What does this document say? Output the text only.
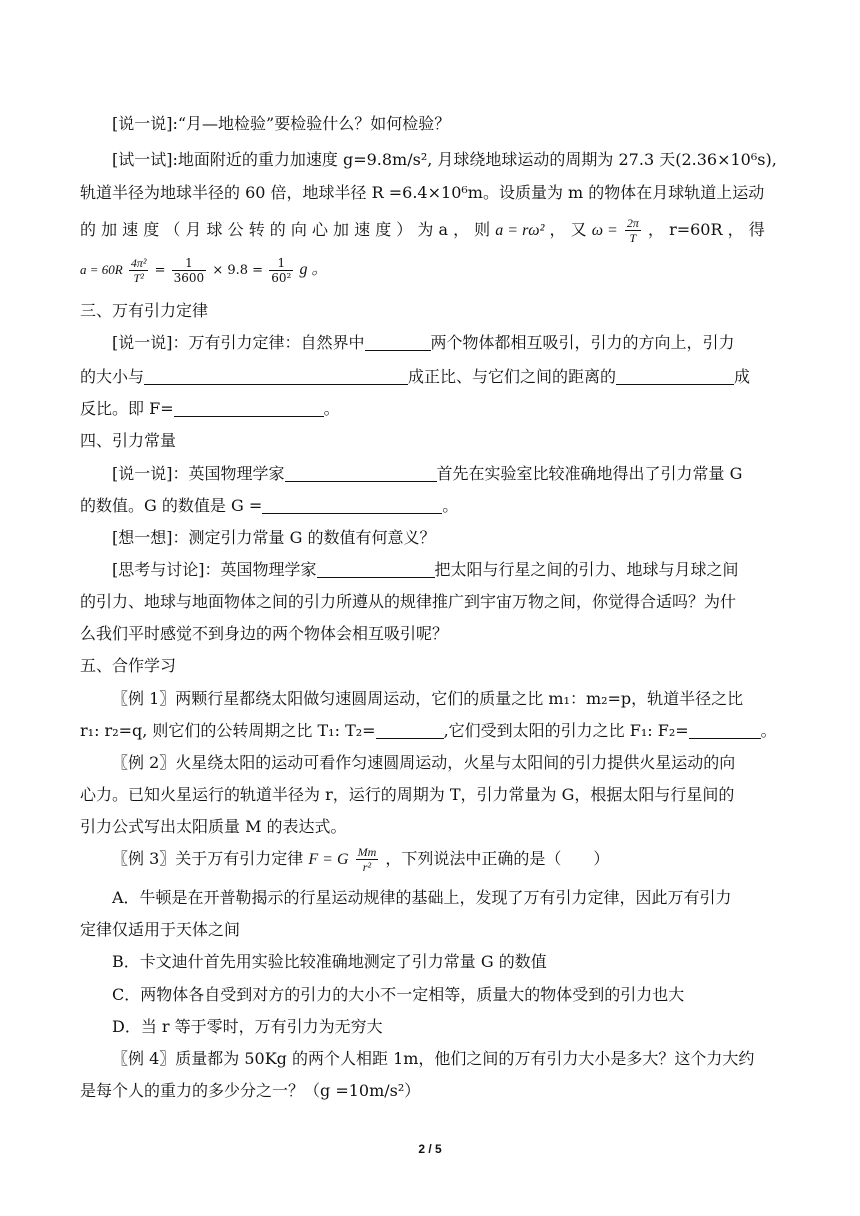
[说一说]:“月—地检验”要检验什么？如何检验？
[试一试]:地面附近的重力加速度 g=9.8m/s², 月球绕地球运动的周期为 27.3 天(2.36×10⁶s),
轨道半径为地球半径的 60 倍，地球半径 R =6.4×10⁶m。设质量为 m 的物体在月球轨道上运动
的 加 速 度 （ 月 球 公 转 的 向 心 加 速 度 ） 为 a ， 则 a = rω² ， 又 $\omega = \frac{2\pi}{T}$ ， r=60R ， 得
$a = 60R \frac{\text{4π²}}{\text{T²}} = \frac{1}{3600} \times 9.8 = \frac{1}{\text{60²}}$ g 。
三、万有引力定律
[说一说]：万有引力定律：自然界中	两个物体都相互吸引，引力的方向上，引力
的大小与	成正比、与它们之间的距离的	成
反比。即 F=	。
四、引力常量
[说一说]：英国物理学家	首先在实验室比较准确地得出了引力常量 G
的数值。G 的数值是 G =	。
[想一想]：测定引力常量 G 的数值有何意义？
[思考与讨论]：英国物理学家	把太阳与行星之间的引力、地球与月球之间
的引力、地球与地面物体之间的引力所遵从的规律推广到宇宙万物之间，你觉得合适吗？为什
么我们平时感觉不到身边的两个物体会相互吸引呢？
五、合作学习
〖例 1〗两颗行星都绕太阳做匀速圆周运动，它们的质量之比 m₁：m₂=p，轨道半径之比
r₁: r₂=q, 则它们的公转周期之比 T₁: T₂=	,它们受到太阳的引力之比 F₁: F₂=	。
〖例 2〗火星绕太阳的运动可看作匀速圆周运动，火星与太阳间的引力提供火星运动的向
心力。已知火星运行的轨道半径为 r，运行的周期为 T，引力常量为 G，根据太阳与行星间的
引力公式写出太阳质量 M 的表达式。
〖例 3〗关于万有引力定律 F = G $\frac{Mm}{\text{r²}}$ ，下列说法中正确的是（　　）
A．牛顿是在开普勒揭示的行星运动规律的基础上，发现了万有引力定律，因此万有引力
定律仅适用于天体之间
B．卡文迪什首先用实验比较准确地测定了引力常量 G 的数值
C．两物体各自受到对方的引力的大小不一定相等，质量大的物体受到的引力也大
D．当 r 等于零时，万有引力为无穷大
〖例 4〗质量都为 50Kg 的两个人相距 1m，他们之间的万有引力大小是多大？这个力大约
是每个人的重力的多少分之一？（g =10m/s²）
2 / 5
